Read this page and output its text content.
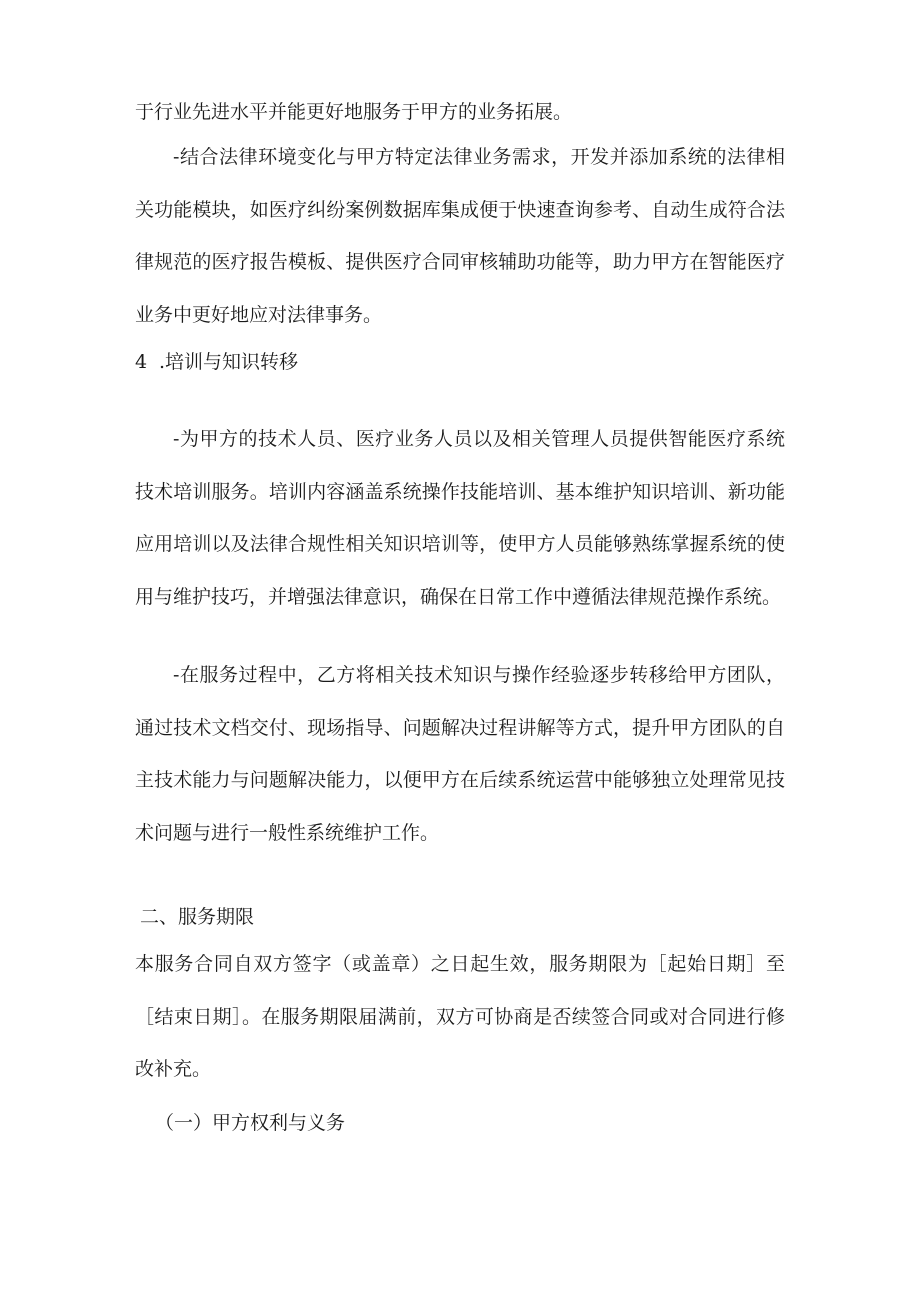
于行业先进水平并能更好地服务于甲方的业务拓展。

-结合法律环境变化与甲方特定法律业务需求，开发并添加系统的法律相关功能模块，如医疗纠纷案例数据库集成便于快速查询参考、自动生成符合法律规范的医疗报告模板、提供医疗合同审核辅助功能等，助力甲方在智能医疗业务中更好地应对法律事务。

4 .培训与知识转移

-为甲方的技术人员、医疗业务人员以及相关管理人员提供智能医疗系统技术培训服务。培训内容涵盖系统操作技能培训、基本维护知识培训、新功能应用培训以及法律合规性相关知识培训等，使甲方人员能够熟练掌握系统的使用与维护技巧，并增强法律意识，确保在日常工作中遵循法律规范操作系统。

-在服务过程中，乙方将相关技术知识与操作经验逐步转移给甲方团队，通过技术文档交付、现场指导、问题解决过程讲解等方式，提升甲方团队的自主技术能力与问题解决能力，以便甲方在后续系统运营中能够独立处理常见技术问题与进行一般性系统维护工作。

二、服务期限

本服务合同自双方签字（或盖章）之日起生效，服务期限为［起始日期］至［结束日期］。在服务期限届满前，双方可协商是否续签合同或对合同进行修改补充。

（一）甲方权利与义务
